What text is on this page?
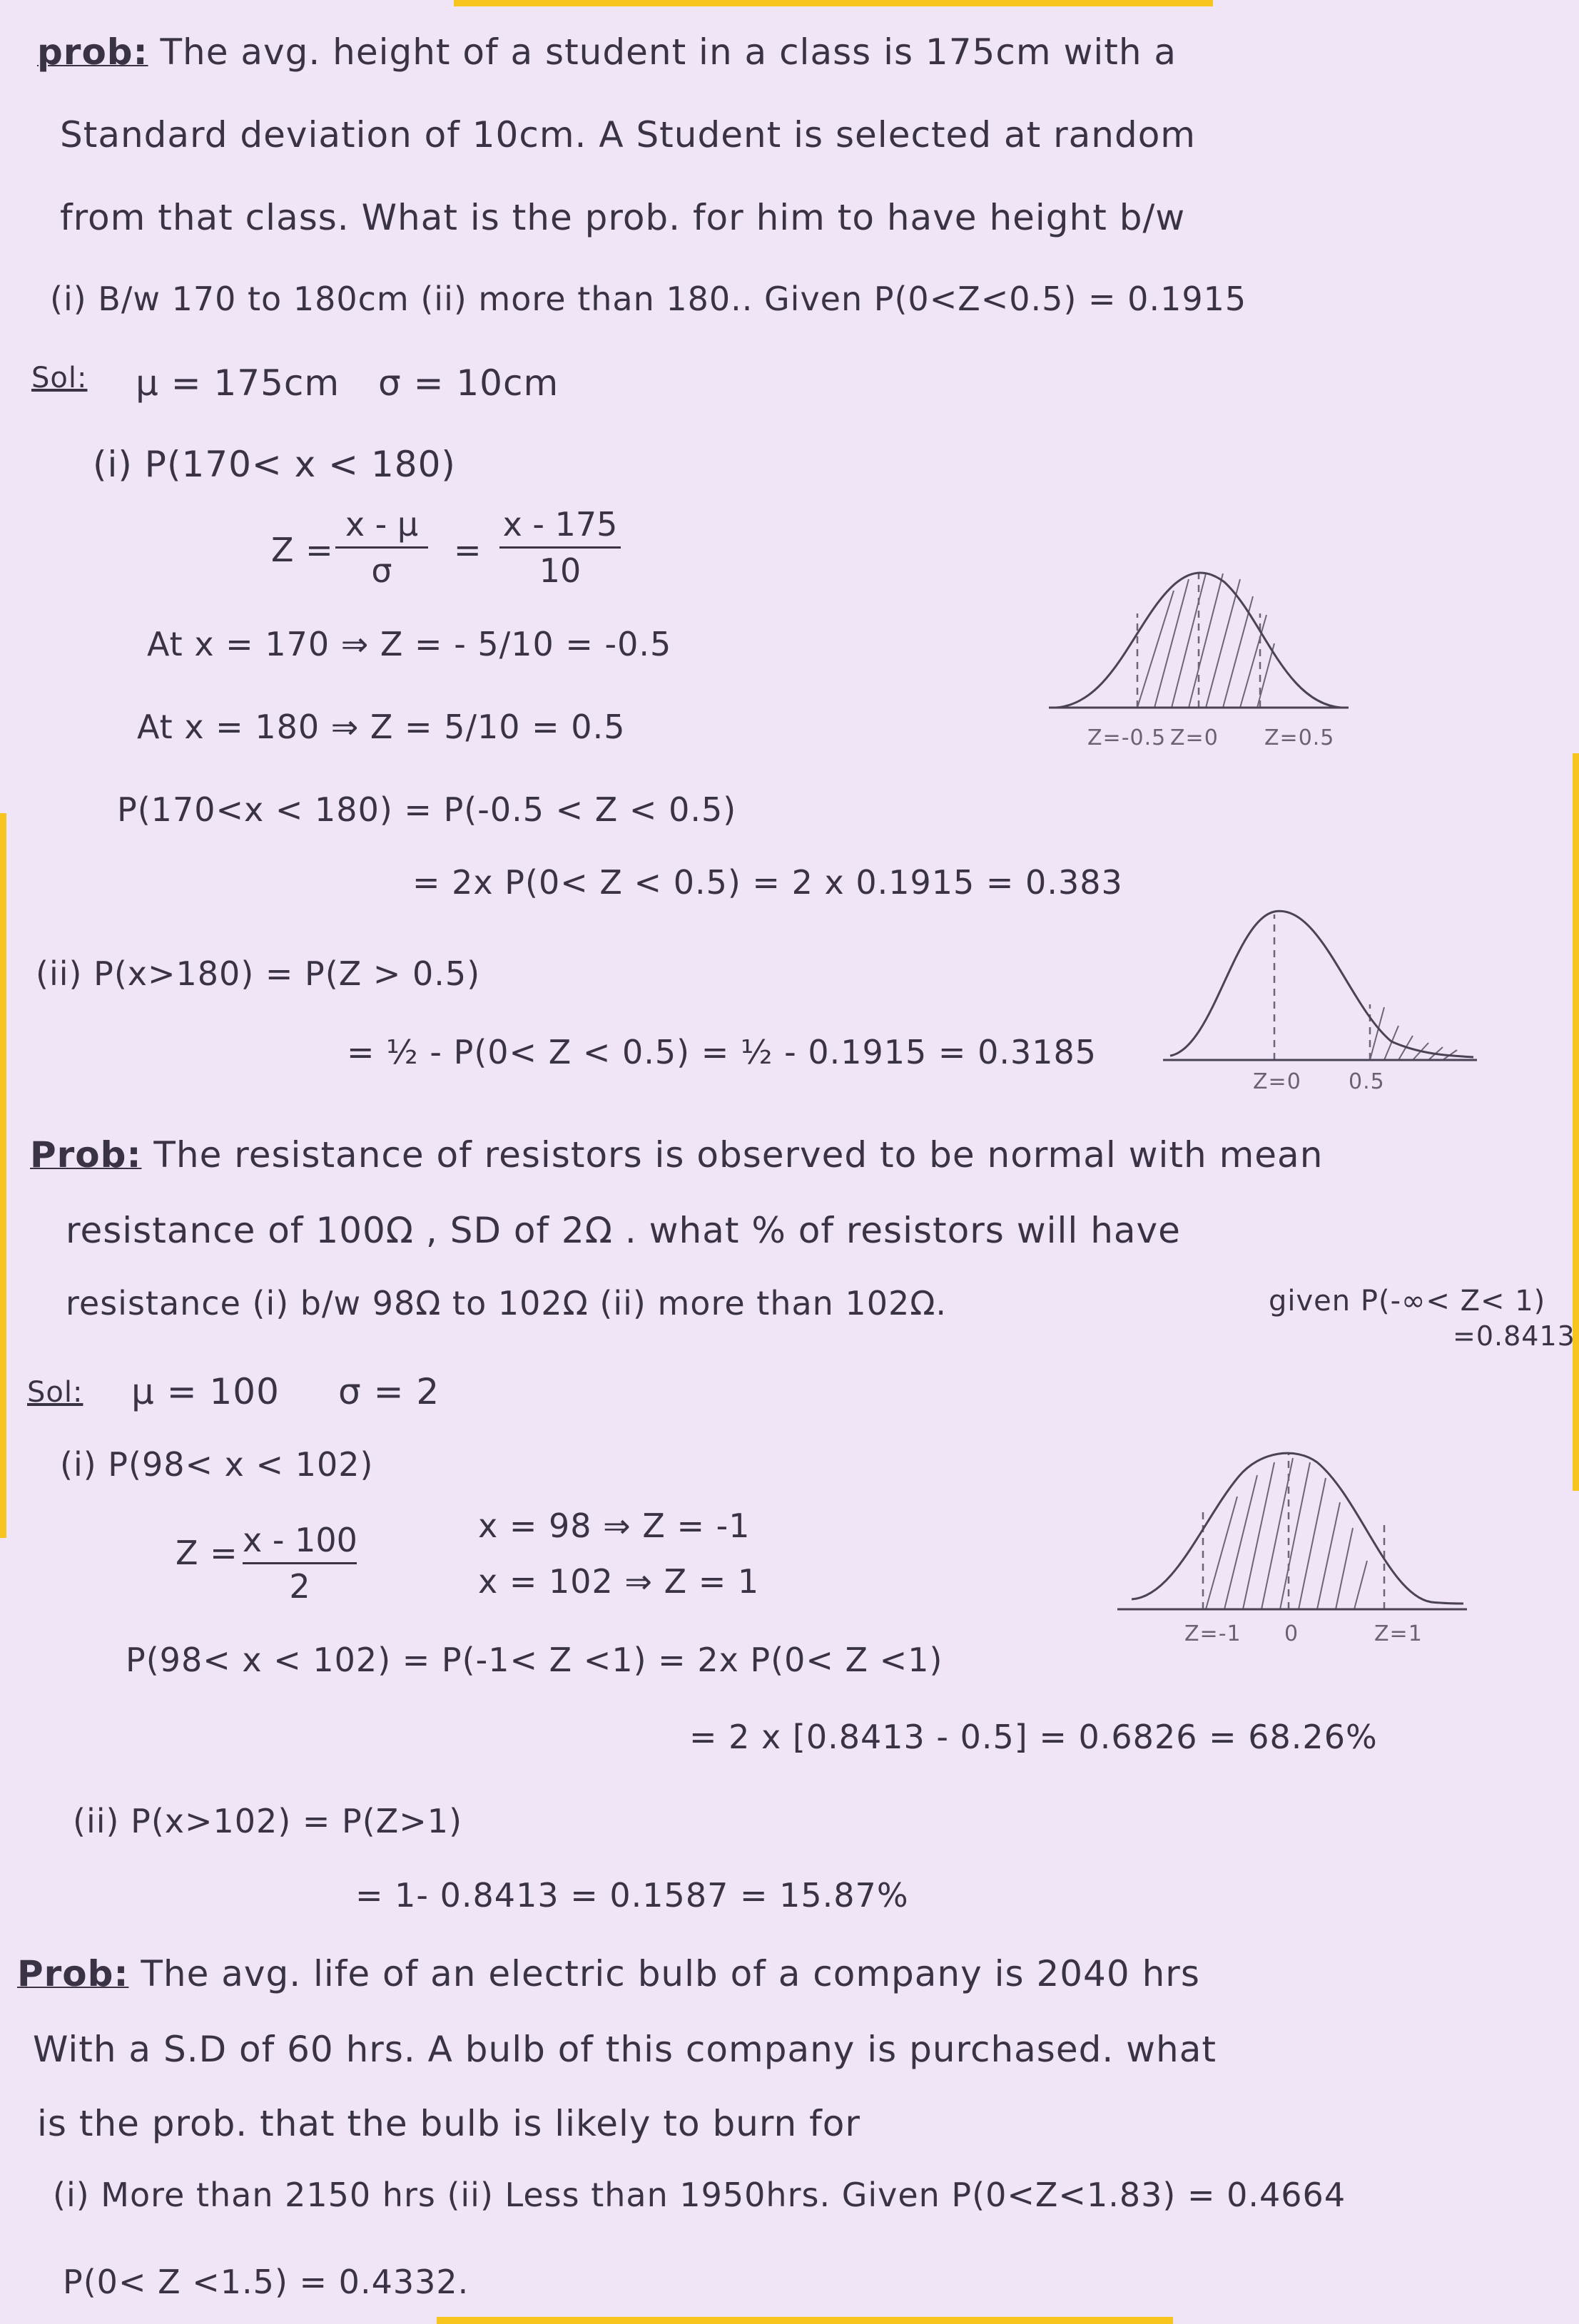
prob: The avg. height of a student in a class is 175cm with a
Standard deviation of 10cm. A Student is selected at random
from that class. What is the prob. for him to have height b/w
(i) B/w 170 to 180cm (ii) more than 180.. Given P(0<Z<0.5) = 0.1915
Sol: μ = 175cm σ = 10cm
(i) P(170< x < 180)
Z =
x - μ
σ
=
x - 175
10
At x = 170 ⇒ Z = - 5/10 = -0.5
At x = 180 ⇒ Z = 5/10 = 0.5
P(170<x < 180) = P(-0.5 < Z < 0.5)
= 2x P(0< Z < 0.5) = 2 x 0.1915 = 0.383
(ii) P(x>180) = P(Z > 0.5)
= ½ - P(0< Z < 0.5) = ½ - 0.1915 = 0.3185
Z=-0.5 Z=0 Z=0.5
Z=0 0.5
Prob: The resistance of resistors is observed to be normal with mean
resistance of 100Ω , SD of 2Ω . what % of resistors will have
resistance (i) b/w 98Ω to 102Ω (ii) more than 102Ω.	given P(-∞< Z< 1)
=0.8413
Sol: μ = 100 σ = 2
(i) P(98< x < 102)
Z = x - 100
2
x = 98 ⇒ Z = -1
x = 102 ⇒ Z = 1
P(98< x < 102) = P(-1< Z <1) = 2x P(0< Z <1)
= 2 x [0.8413 - 0.5] = 0.6826 = 68.26%
(ii) P(x>102) = P(Z>1)
= 1- 0.8413 = 0.1587 = 15.87%
Z=-1 0	Z=1
Prob: The avg. life of an electric bulb of a company is 2040 hrs
With a S.D of 60 hrs. A bulb of this company is purchased. what
is the prob. that the bulb is likely to burn for
(i) More than 2150 hrs (ii) Less than 1950hrs. Given P(0<Z<1.83) = 0.4664
P(0< Z <1.5) = 0.4332.
